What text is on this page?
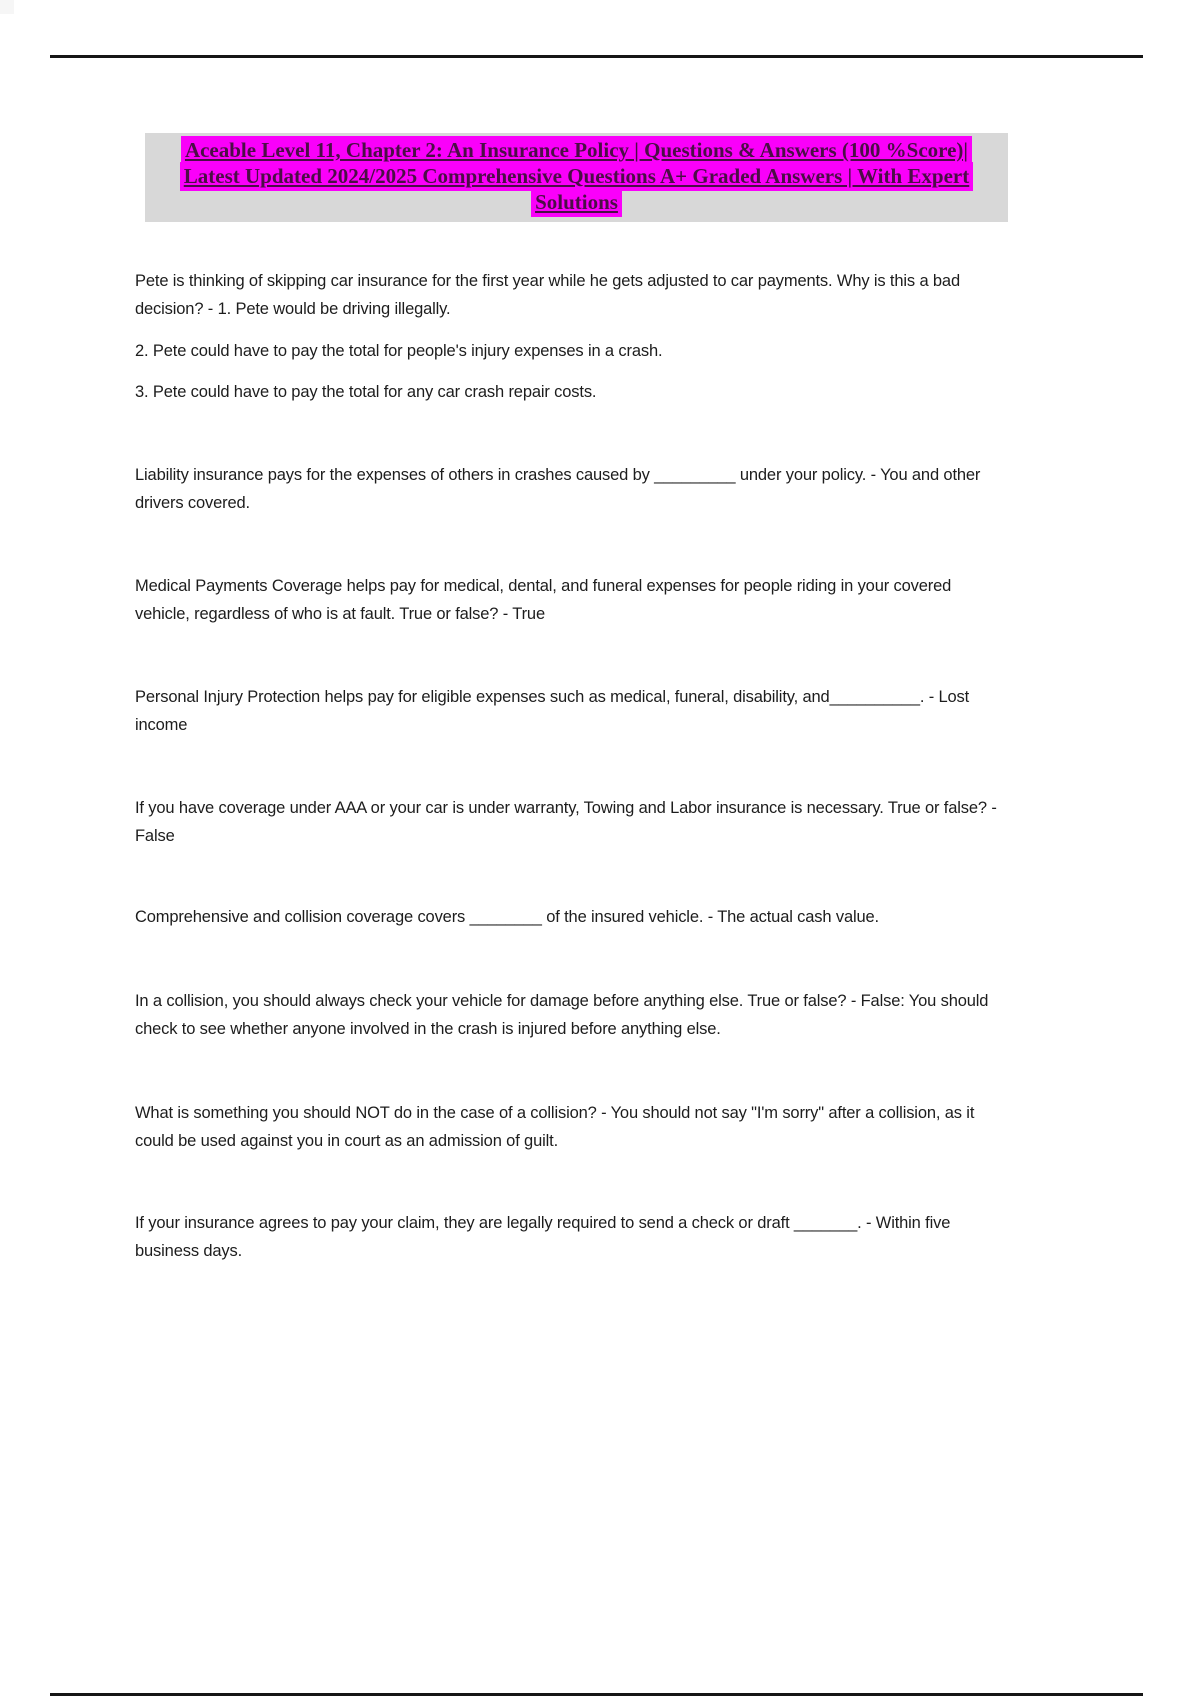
Aceable Level 11, Chapter 2: An Insurance Policy | Questions & Answers (100 %Score)|
Latest Updated 2024/2025 Comprehensive Questions A+ Graded Answers | With Expert
Solutions

Pete is thinking of skipping car insurance for the first year while he gets adjusted to car payments. Why is this a bad decision? - 1. Pete would be driving illegally.

2. Pete could have to pay the total for people's injury expenses in a crash.

3. Pete could have to pay the total for any car crash repair costs.

Liability insurance pays for the expenses of others in crashes caused by _________ under your policy. - You and other drivers covered.

Medical Payments Coverage helps pay for medical, dental, and funeral expenses for people riding in your covered vehicle, regardless of who is at fault. True or false? - True

Personal Injury Protection helps pay for eligible expenses such as medical, funeral, disability, and__________. - Lost income

If you have coverage under AAA or your car is under warranty, Towing and Labor insurance is necessary. True or false? - False

Comprehensive and collision coverage covers ________ of the insured vehicle. - The actual cash value.

In a collision, you should always check your vehicle for damage before anything else. True or false? - False: You should check to see whether anyone involved in the crash is injured before anything else.

What is something you should NOT do in the case of a collision? - You should not say "I'm sorry" after a collision, as it could be used against you in court as an admission of guilt.

If your insurance agrees to pay your claim, they are legally required to send a check or draft _______. - Within five business days.
